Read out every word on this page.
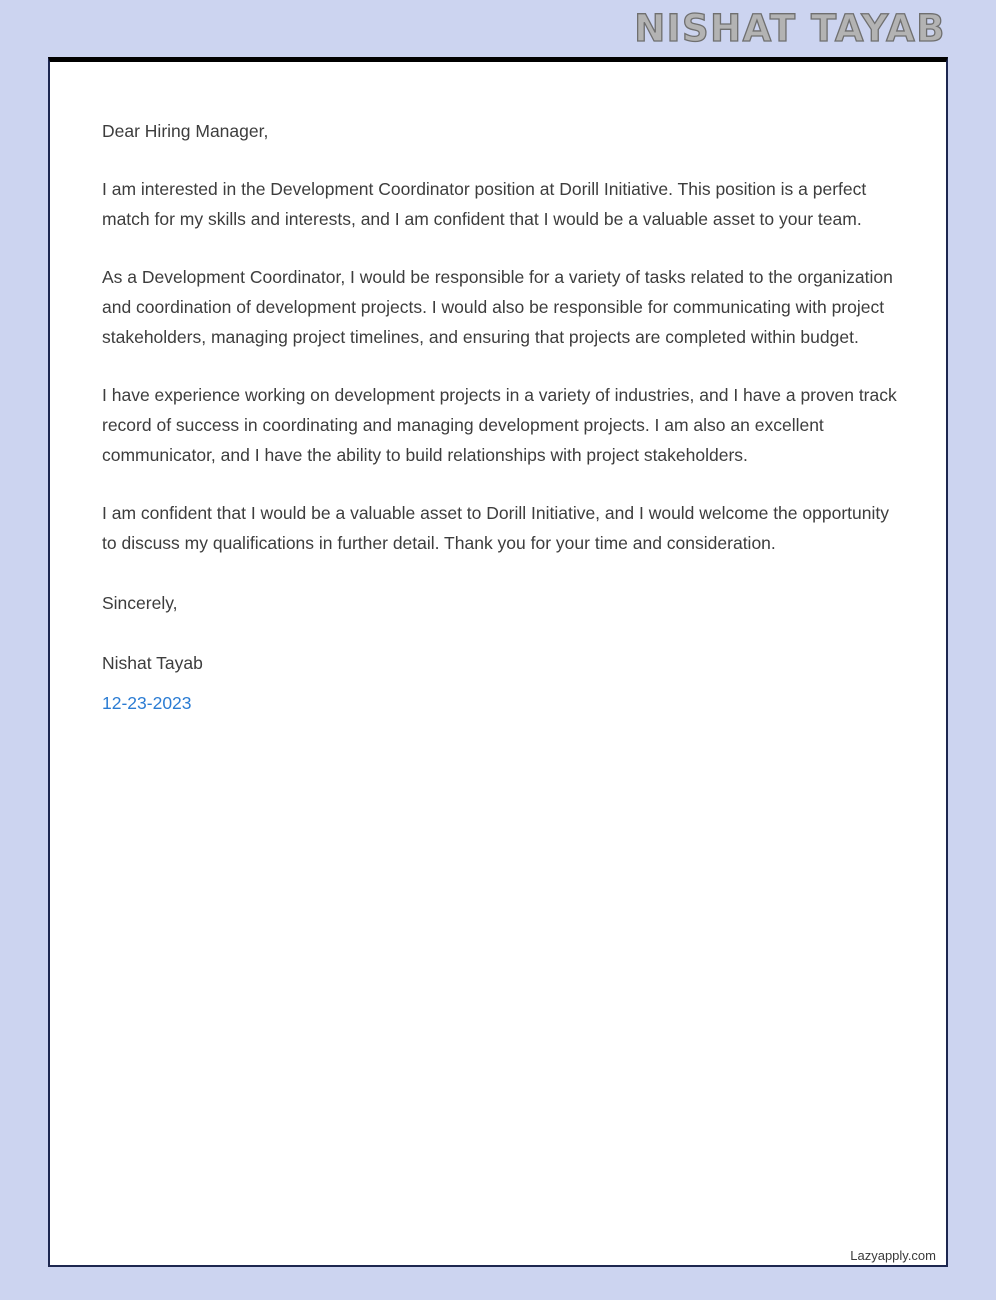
NISHAT TAYAB

Dear Hiring Manager,

I am interested in the Development Coordinator position at Dorill Initiative. This position is a perfect match for my skills and interests, and I am confident that I would be a valuable asset to your team.

As a Development Coordinator, I would be responsible for a variety of tasks related to the organization and coordination of development projects. I would also be responsible for communicating with project stakeholders, managing project timelines, and ensuring that projects are completed within budget.

I have experience working on development projects in a variety of industries, and I have a proven track record of success in coordinating and managing development projects. I am also an excellent communicator, and I have the ability to build relationships with project stakeholders.

I am confident that I would be a valuable asset to Dorill Initiative, and I would welcome the opportunity to discuss my qualifications in further detail. Thank you for your time and consideration.

Sincerely,

Nishat Tayab

12-23-2023
Lazyapply.com
